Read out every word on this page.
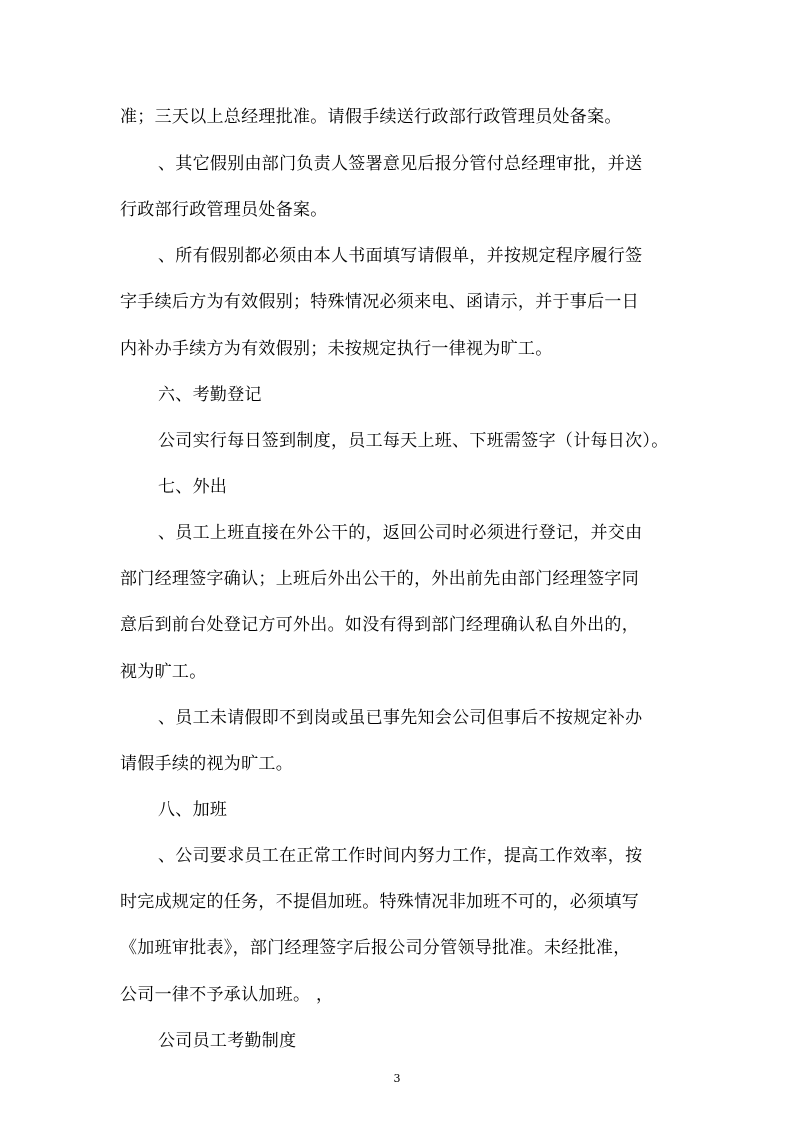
准；三天以上总经理批准。请假手续送行政部行政管理员处备案。
、其它假别由部门负责人签署意见后报分管付总经理审批，并送
行政部行政管理员处备案。
、所有假别都必须由本人书面填写请假单，并按规定程序履行签
字手续后方为有效假别；特殊情况必须来电、函请示，并于事后一日
内补办手续方为有效假别；未按规定执行一律视为旷工。
六、考勤登记
公司实行每日签到制度，员工每天上班、下班需签字（计每日次）。
七、外出
、员工上班直接在外公干的，返回公司时必须进行登记，并交由
部门经理签字确认；上班后外出公干的，外出前先由部门经理签字同
意后到前台处登记方可外出。如没有得到部门经理确认私自外出的，
视为旷工。
、员工未请假即不到岗或虽已事先知会公司但事后不按规定补办
请假手续的视为旷工。
八、加班
、公司要求员工在正常工作时间内努力工作，提高工作效率，按
时完成规定的任务，不提倡加班。特殊情况非加班不可的，必须填写
《加班审批表》，部门经理签字后报公司分管领导批准。未经批准，
公司一律不予承认加班。 ，
公司员工考勤制度
3
